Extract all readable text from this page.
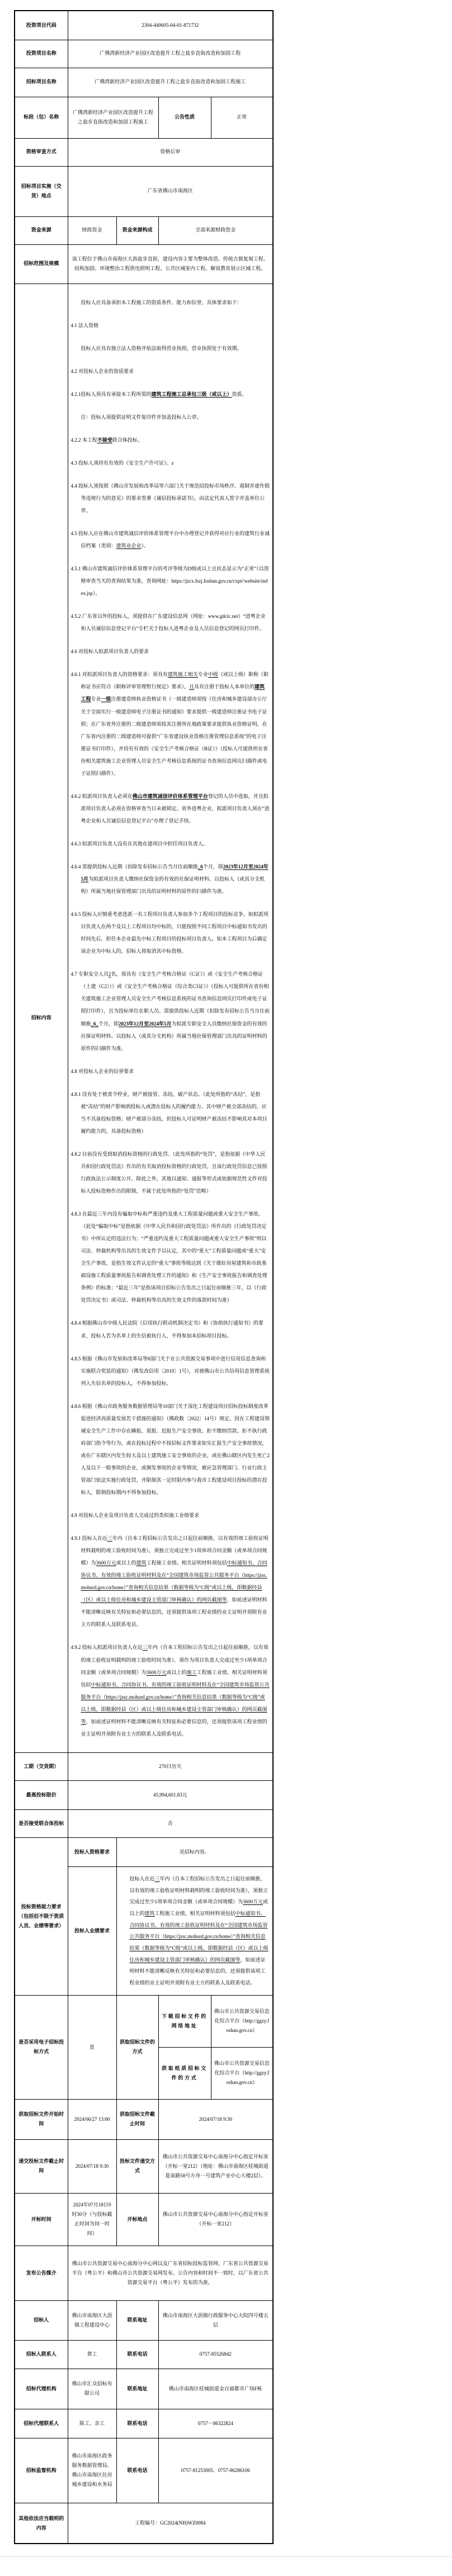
投资项目代码	2304-440605-04-01-871732			
投资项目名称	广佛湾新经济产业园区改造提升工程之盐步直街改造和加固工程			
招标项目名称	广佛湾新经济产业园区改造提升工程之盐步直街改造和加固工程施工			
标段（包）名称	广佛湾新经济产业园区改造提升工程之盐步直街改造和加固工程施工		公告性质	正常
资格审查方式	资格后审			
招标项目实施（交货）地点	广东省佛山市南海区			
资金来源	财政资金	资金来源构成	全部来源财政资金	
招标范围及规模	该工程位于佛山市南海区大沥盐步直街，建设内容主要为整体改造、传统古貌复刻工程、结构加固、环境整治工程供电照明工程、公共区域室内工程、解说教育展示区域工程。			
招标内容	

投标人应具备承担本工程施工的资质条件、能力和信誉，具体要求如下：

4.1 法人资格

投标人应具有独立法人资格并依法取得营业执照，营业执照处于有效期。

4.2 对投标人企业的资质要求

4.2.1投标人须具有承接本工程所需的建筑工程施工总承包三级（或以上）资质。

注：投标人须提供证明文件复印件并加盖投标人公章。

4.2.2 本工程不接受联合体投标。

4.3 投标人须持有有效的《安全生产许可证》。z

4.4 投标人须按照《佛山市发展和改革局等六部门关于规范招投标市场秩序、遏制弄虚作假等违规行为的意见》的要求签署《诚信投标承诺书》，由法定代表人签字并盖单位公章。

4.5 投标人应在佛山市建筑诚信评价体系管理平台中办理登记并获得对应行业的建筑行业诚信档案（类别：建筑业企业）。

4.5.1 佛山市建筑诚信评价体系管理平台的考评等级为D级或以上且状态显示为“正常”（以资格审查当天的查询结果为准，查询网址：https://jzcx.fszj.foshan.gov.cn/cxpt//website/index.jsp）。

4.5.2 广东省以外的投标人，须提供在广东建设信息网（网址：www.gdcic.net）“进粤企业和人员诚信信息登记平台”专栏关于投标人进粤企业及人员信息登记的网页打印件。

4.6 对投标人拟派项目负责人的要求

4.6.1 对拟派项目负责人的资格要求：须具有建筑施工相关专业中级（或以上级）职称（职称证书应符合《职称评审管理暂行规定》要求），且具有注册于投标人本单位的建筑工程专业一级注册建造师执业资格证书（一级建造师须按《住房和城乡建设部办公厅关于全面实行一级建造师电子注册证书的通知》要求提供一级建造师注册证书电子证照；在广东省外注册的二级建造师须按其注册所在地政策要求提供执业资格证明，在广东省内注册的二级建造师可提供“广东省建设执业资格注册管理信息系统”的电子注册证书打印件），并持有有效的《安全生产考核合格证（B证）》（投标人可提供所在省份相关建筑施工企业管理人员安全生产考核信息系统的证书查询信息网页扫描件或电子证照扫描件）。

4.6.2 拟派项目负责人必须在佛山市建筑诚信评价体系管理平台登记的人员中选取，并且拟派项目负责人必须在资格审查当日未被锁定。省外进粤企业，拟派项目负责人须在“进粤企业和人员诚信信息登记平台”办理了登记手续。

4.6.3 拟派项目负责人没有在其他在建项目中担任项目负责人。

4.6.4 需提供投标人近期（扣除发布招标公告当月往前顺推_6个月，即2023年12月至2024年5月为拟派项目负责人缴纳社保资金的有效的社保证明材料。以投标人（或其分支机构）所属当地社保管理部门出具的证明材料的原件的扫描件为准。

4.6.5 投标人应慎重考虑选派一名工程项目负责人参加多个工程项目的投标竞争，如拟派项目负责人在两个及以上工程项目均中标的，只能按照不同工程项目中标通知书发出的时间先后，担任本企业最先中标工程项目的投标项目负责人。如本工程项目为后确定该企业为中标人的，招标人将取消其中标资格。

4.7 专职安全人员2名，须具有《安全生产考核合格证（C证）》或《安全生产考核合格证（土建（C2））》或《安全生产考核合格证（综合类C3证）》（投标人可提供所在省份相关建筑施工企业管理人员安全生产考核信息系统的证书查询信息网页打印件或电子证照打印件），且为投标单位在职人员。需提供投标人近期（扣除发布招标公告当月往前顺推_6_个月，即2023年12月至2024年5月为拟派专职安全人员缴纳社保资金的有效的社保证明材料。以投标人（或其分支机构）所属当地社保管理部门出具的证明材料的原件的扫描件为准。

4.8 对投标人企业的信誉要求

4.8.1 没有处于被责令停业，财产被接管、冻结，破产状态。（此处所指的“冻结”，是指被“冻结”的财产影响到投标人或潜在投标人的履约能力。其中财产被全部冻结的，应当不具备投标资格；财产被部分冻结，但投标人可证明财产被冻结不影响其对本项目履约能力的，具备投标资格）

4.8.2 目前没有受到取消投标资格的行政处罚。（此处所指的“处罚”，是指依据《中华人民共和国行政处罚法》作出的有关取消投标资格的行政处罚，且该行政处罚信息已按照行政执法公示制度公开，除此之外，其他以通知、通报等形式或依据规范性文件对投标人投标资格作出的限制，不属于此处所指的“处罚”范畴）

4.8.3 在最近三年内没有骗取中标和严重违约及重大工程质量问题或重大安全生产事故。（此处“骗取中标”是指依据《中华人民共和国行政处罚法》所作出的《行政处罚决定书》中所认定的违法行为；“严重违约及重大工程质量问题或重大安全生产事故”则以司法、仲裁机构等出具的生效文件予以认定，其中的“重大”工程质量问题或“重大”安全生产事故，是指生效文件认定的“重大”事故等级达到《关于做好房屋建筑和市政基础设施工程质量事故报告和调查处理工作的通知》和《生产安全事故报告和调查处理条例》的标准；“最近三年”是指该项目招标公告发出之日起往前顺推三年，以《行政处罚决定书》或司法、仲裁机构等出具的生效文件的落款时间为准）

4.8.4 根据佛山市中级人民法院《启用执行联动机制决定书》和《协助执行通知书》的要求，投标人若为名单上的失信被执行人，不得参加本招标项目投标。

4.8.5 根据《佛山市发展和改革局等8部门关于在公共资源交易事项中进行信用信息查询和实施联合奖惩的通知》（佛发改信用〔2019〕1号），对被佛山市公共信用信息管理系统列入失信名单的投标人，不得参加投标。

4.8.6 根据《佛山市政务服务数据管理局等10部门关于深化工程建设项目招标投标制度改革促进经济高质量发展若干措施的通知》（佛政数〔2022〕14号）规定，因在工程建设领域安全生产工作中存在瞒报、谎报、迟报生产安全事故、拒不缴纳罚款、拒不执行政府部门指令等行为，或在投标过程中不按招标文件要求如实汇报生产安全事故情况，或在广东辖区内发生较大及以上建筑施工安全事故的企业，或在佛山辖区内发生死亡2人及以下一般事故的企业，或频发事故的企业等情况，被应急管理部门、行业行政主管部门依法实施行政处罚，并限制其一定时限内参与我市工程建设项目投标的潜在投标人，限制投标期内不得参加投标。

4.9 对投标人企业及项目负责人完成过的类似施工业绩要求

4.9.1 投标人在近三年内（自本工程招标公告发出之日起往前顺推，以有效的竣工验收证明材料载明的竣工验收时间为准），须独立完成过至少1项单项合同金额（或单项合同规模）为3600万元或以上的建筑工程施工业绩。相关证明材料须包括中标通知书、合同协议书、有效的竣工验收证明材料及在“全国建筑市场监管公共服务平台（https://jzsc.mohurd.gov.cn/home）”查询相关信息结果（数据等级为“C级”或以上级，即数据经县（区）或以上级住房和城乡建设主管部门审核确认）的网页截图等，如前述证明材料不能清晰反映有关特征和必要信息的，还须提供该项工程业绩的业主证明并须附有业主方的联系人及联系电话。

4.9.2 投标人拟派项目负责人在近三年内（自本工程招标公告发出之日起往前顺推，以有效的竣工验收证明载明的竣工验收时间为准），须作为项目负责人完成过至少1项单项合同金额（或单项合同规模）为3600万元或以上的施工工程施工业绩。相关证明材料须包括中标通知书、合同协议书、有效的竣工验收证明材料及在“全国建筑市场监管公共服务平台（https://jzsc.mohurd.gov.cn/home）”查询相关信息结果（数据等级为“C级”或以上级，即数据经县（区）或以上级住房和城乡建设主管部门审核确认）的网页截图等，如前述证明材料不能清晰反映有关特征和必要信息的，还须提供该项工程业绩的业主证明并须附有业主方的联系人及联系电话。

工期（交货期）	270日历天			
最高投标限价	45,994,601.83元			
是否接受联合体投标	否			
投标资格能力要求（包括但不限于资质人员、业绩等要求）	投标人资格要求	见招标内容。		
	投标人业绩要求	投标人在近三年内（自本工程招标公告发出之日起往前顺推，以有效的竣工验收证明材料载明的竣工验收时间为准），须独立完成过至少1项单项合同金额（或单项合同规模）为3600万元或以上的建筑工程施工业绩。相关证明材料须包括中标通知书、合同协议书、有效的竣工验收证明材料及在“全国建筑市场监管公共服务平台（https://jzsc.mohurd.gov.cn/home）”查询相关信息结果（数据等级为“C级”或以上级，即数据经县（区）或以上级住房和城乡建设主管部门审核确认）的网页截图等，如前述证明材料不能清晰反映有关特征和必要信息的，还须提供该项工程业绩的业主证明并须附有业主方的联系人及联系电话。		

是否采用电子招标投标方式	是	获取招标文件的方式	下载招标文件的网络地址	佛山市公共资源交易信息化综合平台（http://ggzy.foshan.gov.cn）
			获取纸质招标文件的方式	佛山市公共资源交易信息化综合平台（http://ggzy.foshan.gov.cn）
获取招标文件开始时间	2024/06/27 13:00	获取招标文件截止时间	2024/07/18 9:30	
递交投标文件截止时间	2024/07/18 9:30	投标文件递交方式	佛山市公共资源交易中心南海分中心指定开标室（开标一室212）（地址：佛山市南海区桂城街道夏南路58号方舟一号建筑产业中心大楼2层）。	
开标时间	2024年07月18日9时30分（与投标截止时间为同一时间）	开标地点	佛山市公共资源交易中心南海分中心指定开标室（开标一室212）	
发布公告媒介	佛山市公共资源交易中心南海分中心网以及广东省招标投标监管网、广东省公共资源交易平台（粤公平）和佛山市公共资源交易网发布。公告内容和时间不一致时，以广东省公共资源交易平台（粤公平）发布的为准。			
招标人	佛山市南海区大沥镇工程建设中心	联系地址	佛山市南海区大沥镇行政服务中心大院四号楼五层	
招标人联系人	黄工	联系电话	0757-85526842	
招标代理机构	佛山市汇众招标有限公司	联系地址	佛山市南海区桂城街道金百福都市广场F栋	
招标代理联系人	陈工、余工	联系电话	0757－86322824	
招标监督机构	佛山市南海区政务服务数据管理局、佛山市南海区住房城乡建设和水务局	联系电话	0757-81253005、0757-86286106	
其他依法应当载明的内容	工程编号：GC2024(NH)WZ0084			
